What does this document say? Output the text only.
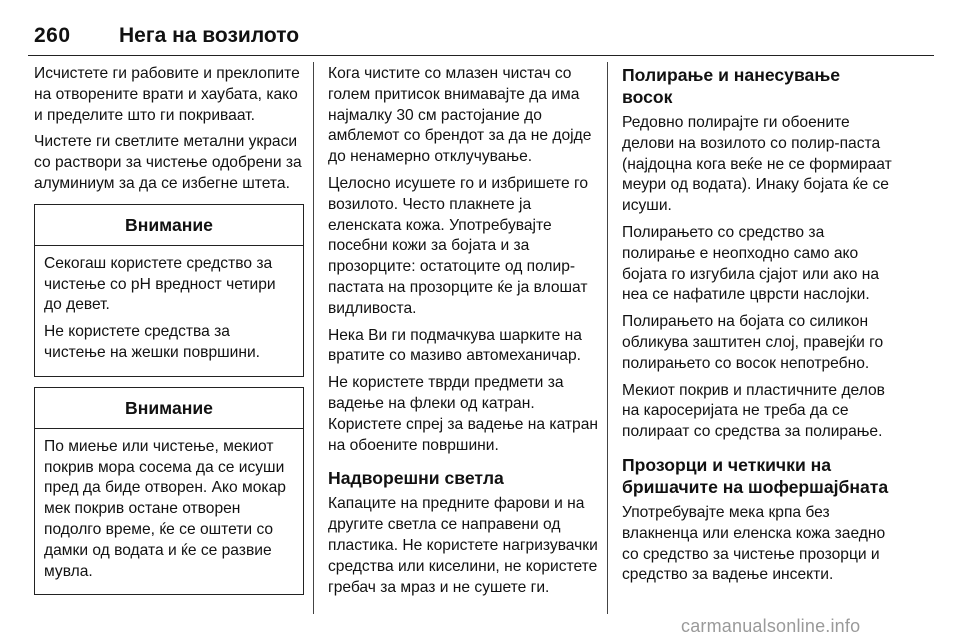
260 Нега на возилото

Исчистете ги рабовите и преклопите на отворените врати и хаубата, како и пределите што ги покриваат.

Чистете ги светлите метални украси со раствори за чистење одобрени за алуминиум за да се избегне штета.

Внимание

Секогаш користете средство за чистење со pH вредност четири до девет.

Не користете средства за чистење на жешки површини.

Внимание

По миење или чистење, мекиот покрив мора сосема да се исуши пред да биде отворен. Ако мокар мек покрив остане отворен подолго време, ќе се оштети со дамки од водата и ќе се развие мувла.

Кога чистите со млазен чистач со голем притисок внимавајте да има најмалку 30 см растојание до амблемот со брендот за да не дојде до ненамерно отклучување.

Целосно исушете го и избришете го возилото. Често плакнете ја еленската кожа. Употребувајте посебни кожи за бојата и за прозорците: остатоците од полир-пастата на прозорците ќе ја влошат видливоста.

Нека Ви ги подмачкува шарките на вратите со мазиво автомеханичар.

Не користете тврди предмети за вадење на флеки од катран. Користете спреј за вадење на катран на обоените површини.

Надворешни светла

Капаците на предните фарови и на другите светла се направени од пластика. Не користете нагризувачки средства или киселини, не користете гребач за мраз и не сушете ги.

Полирање и нанесување восок

Редовно полирајте ги обоените делови на возилото со полир-паста (најдоцна кога веќе не се формираат меури од водата). Инаку бојата ќе се исуши.

Полирањето со средство за полирање е неопходно само ако бојата го изгубила сјајот или ако на неа се нафатиле цврсти наслојки.

Полирањето на бојата со силикон обликува заштитен слој, правејќи го полирањето со восок непотребно.

Мекиот покрив и пластичните делов на каросеријата не треба да се полираат со средства за полирање.

Прозорци и четкички на бришачите на шофершајбната

Употребувајте мека крпа без влакненца или еленска кожа заедно со средство за чистење прозорци и средство за вадење инсекти.

carmanualsonline.info
